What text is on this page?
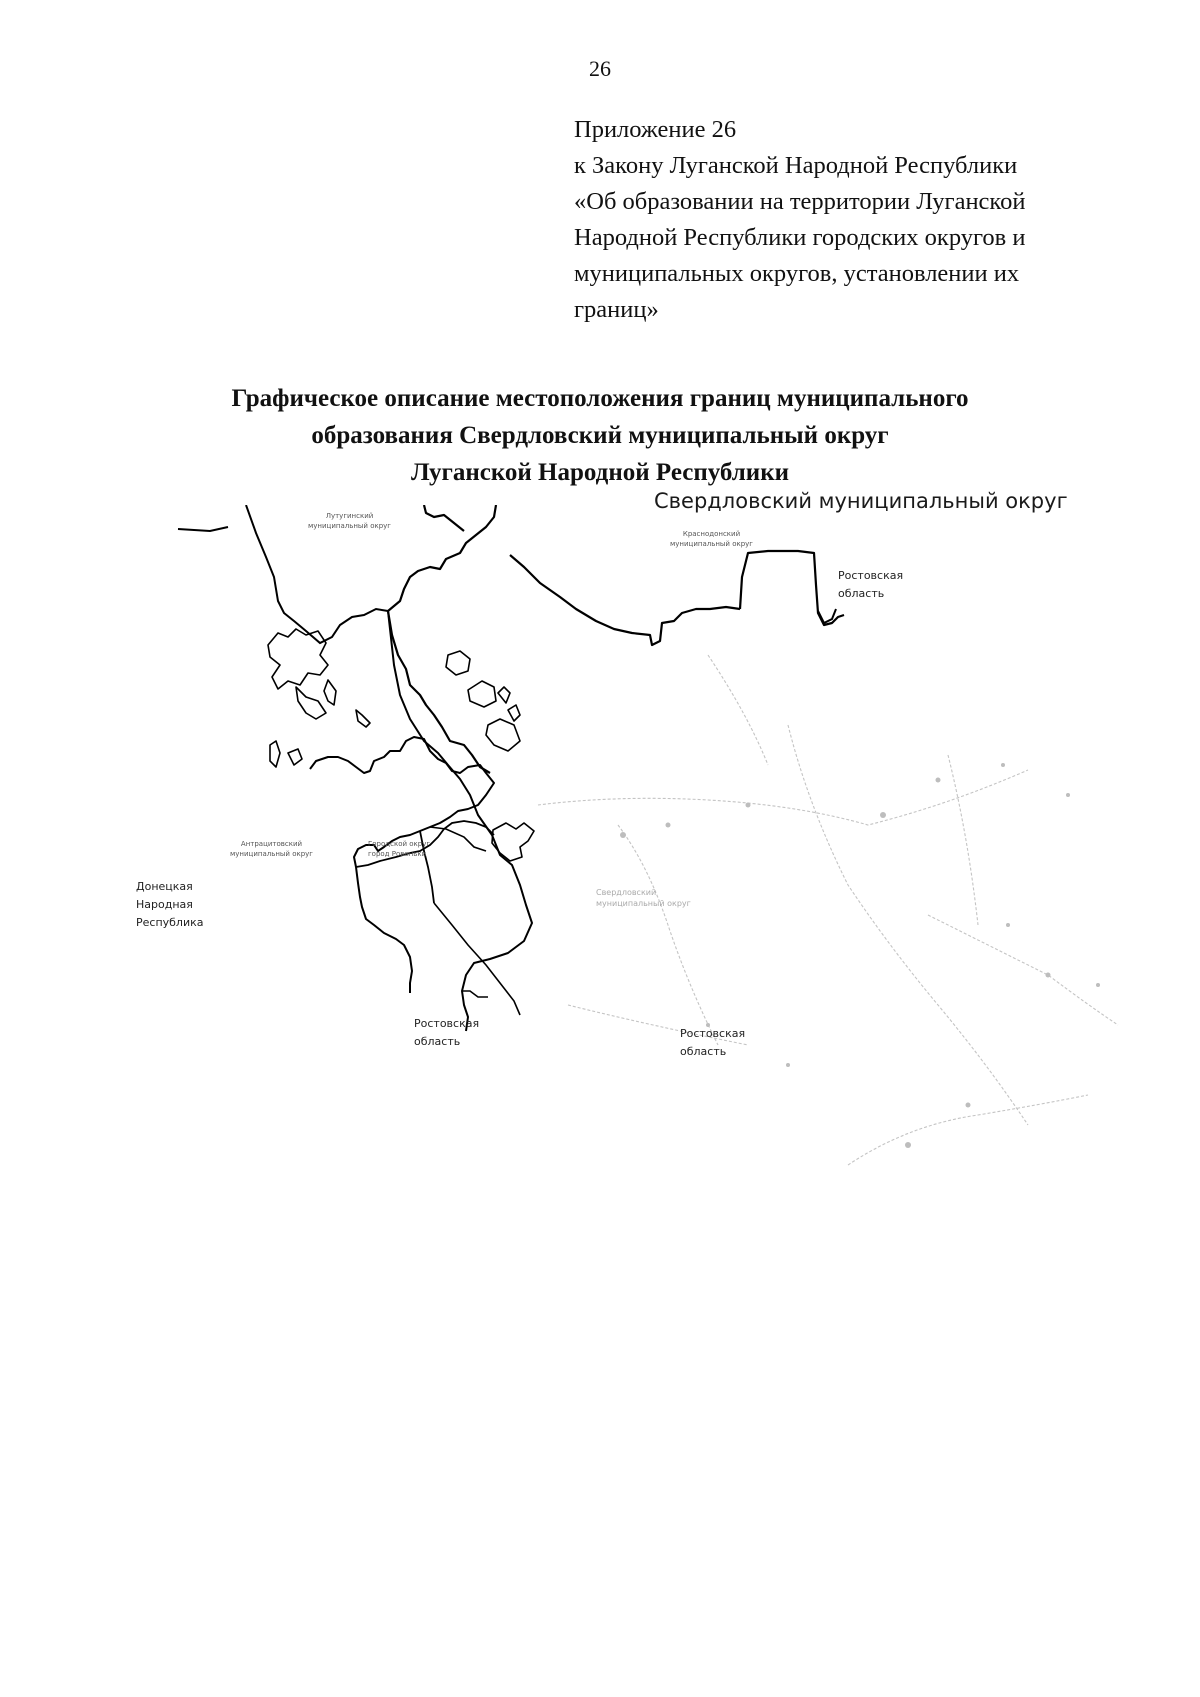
26
Приложение 26
к Закону Луганской Народной Республики
«Об образовании на территории Луганской
Народной Республики городских округов и
муниципальных округов, установлении их
границ»
Графическое описание местоположения границ муниципального
образования Свердловский муниципальный округ
Луганской Народной Республики
Свердловский муниципальный округ
Лутугинский
муниципальный округ
Краснодонский
муниципальный округ
Ростовская
область
Антрацитовский
муниципальный округ
Городской округ
город Ровеньки
Донецкая
Народная
Республика
Свердловский
муниципальный округ
Ростовская
область
Ростовская
область
